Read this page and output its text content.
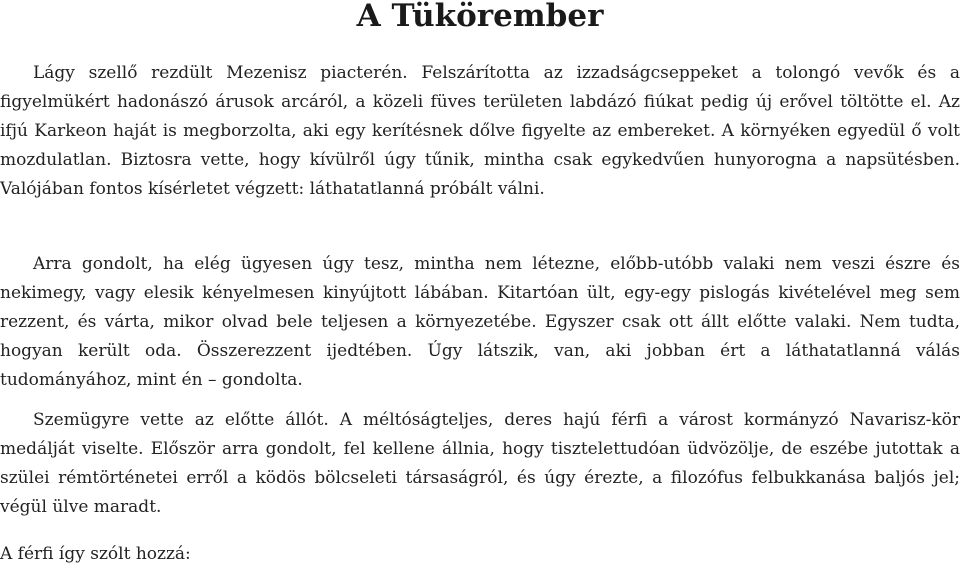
A Tükörember

Lágy szellő rezdült Mezenisz piacterén. Felszárította az izzadságcseppeket a tolongó vevők és a figyelmükért hadonászó árusok arcáról, a közeli füves területen labdázó fiúkat pedig új erővel töltötte el. Az ifjú Karkeon haját is megborzolta, aki egy kerítésnek dőlve figyelte az embereket. A környéken egyedül ő volt mozdulatlan. Biztosra vette, hogy kívülről úgy tűnik, mintha csak egykedvűen hunyorogna a napsütésben. Valójában fontos kísérletet végzett: láthatatlanná próbált válni.

Arra gondolt, ha elég ügyesen úgy tesz, mintha nem létezne, előbb-utóbb valaki nem veszi észre és nekimegy, vagy elesik kényelmesen kinyújtott lábában. Kitartóan ült, egy-egy pislogás kivételével meg sem rezzent, és várta, mikor olvad bele teljesen a környezetébe. Egyszer csak ott állt előtte valaki. Nem tudta, hogyan került oda. Összerezzent ijedtében. Úgy látszik, van, aki jobban ért a láthatatlanná válás tudományához, mint én – gondolta.

Szemügyre vette az előtte állót. A méltóságteljes, deres hajú férfi a várost kormányzó Navarisz-kör medálját viselte. Először arra gondolt, fel kellene állnia, hogy tisztelettudóan üdvözölje, de eszébe jutottak a szülei rémtörténetei erről a ködös bölcseleti társaságról, és úgy érezte, a filozófus felbukkanása baljós jel; végül ülve maradt.

A férfi így szólt hozzá:
